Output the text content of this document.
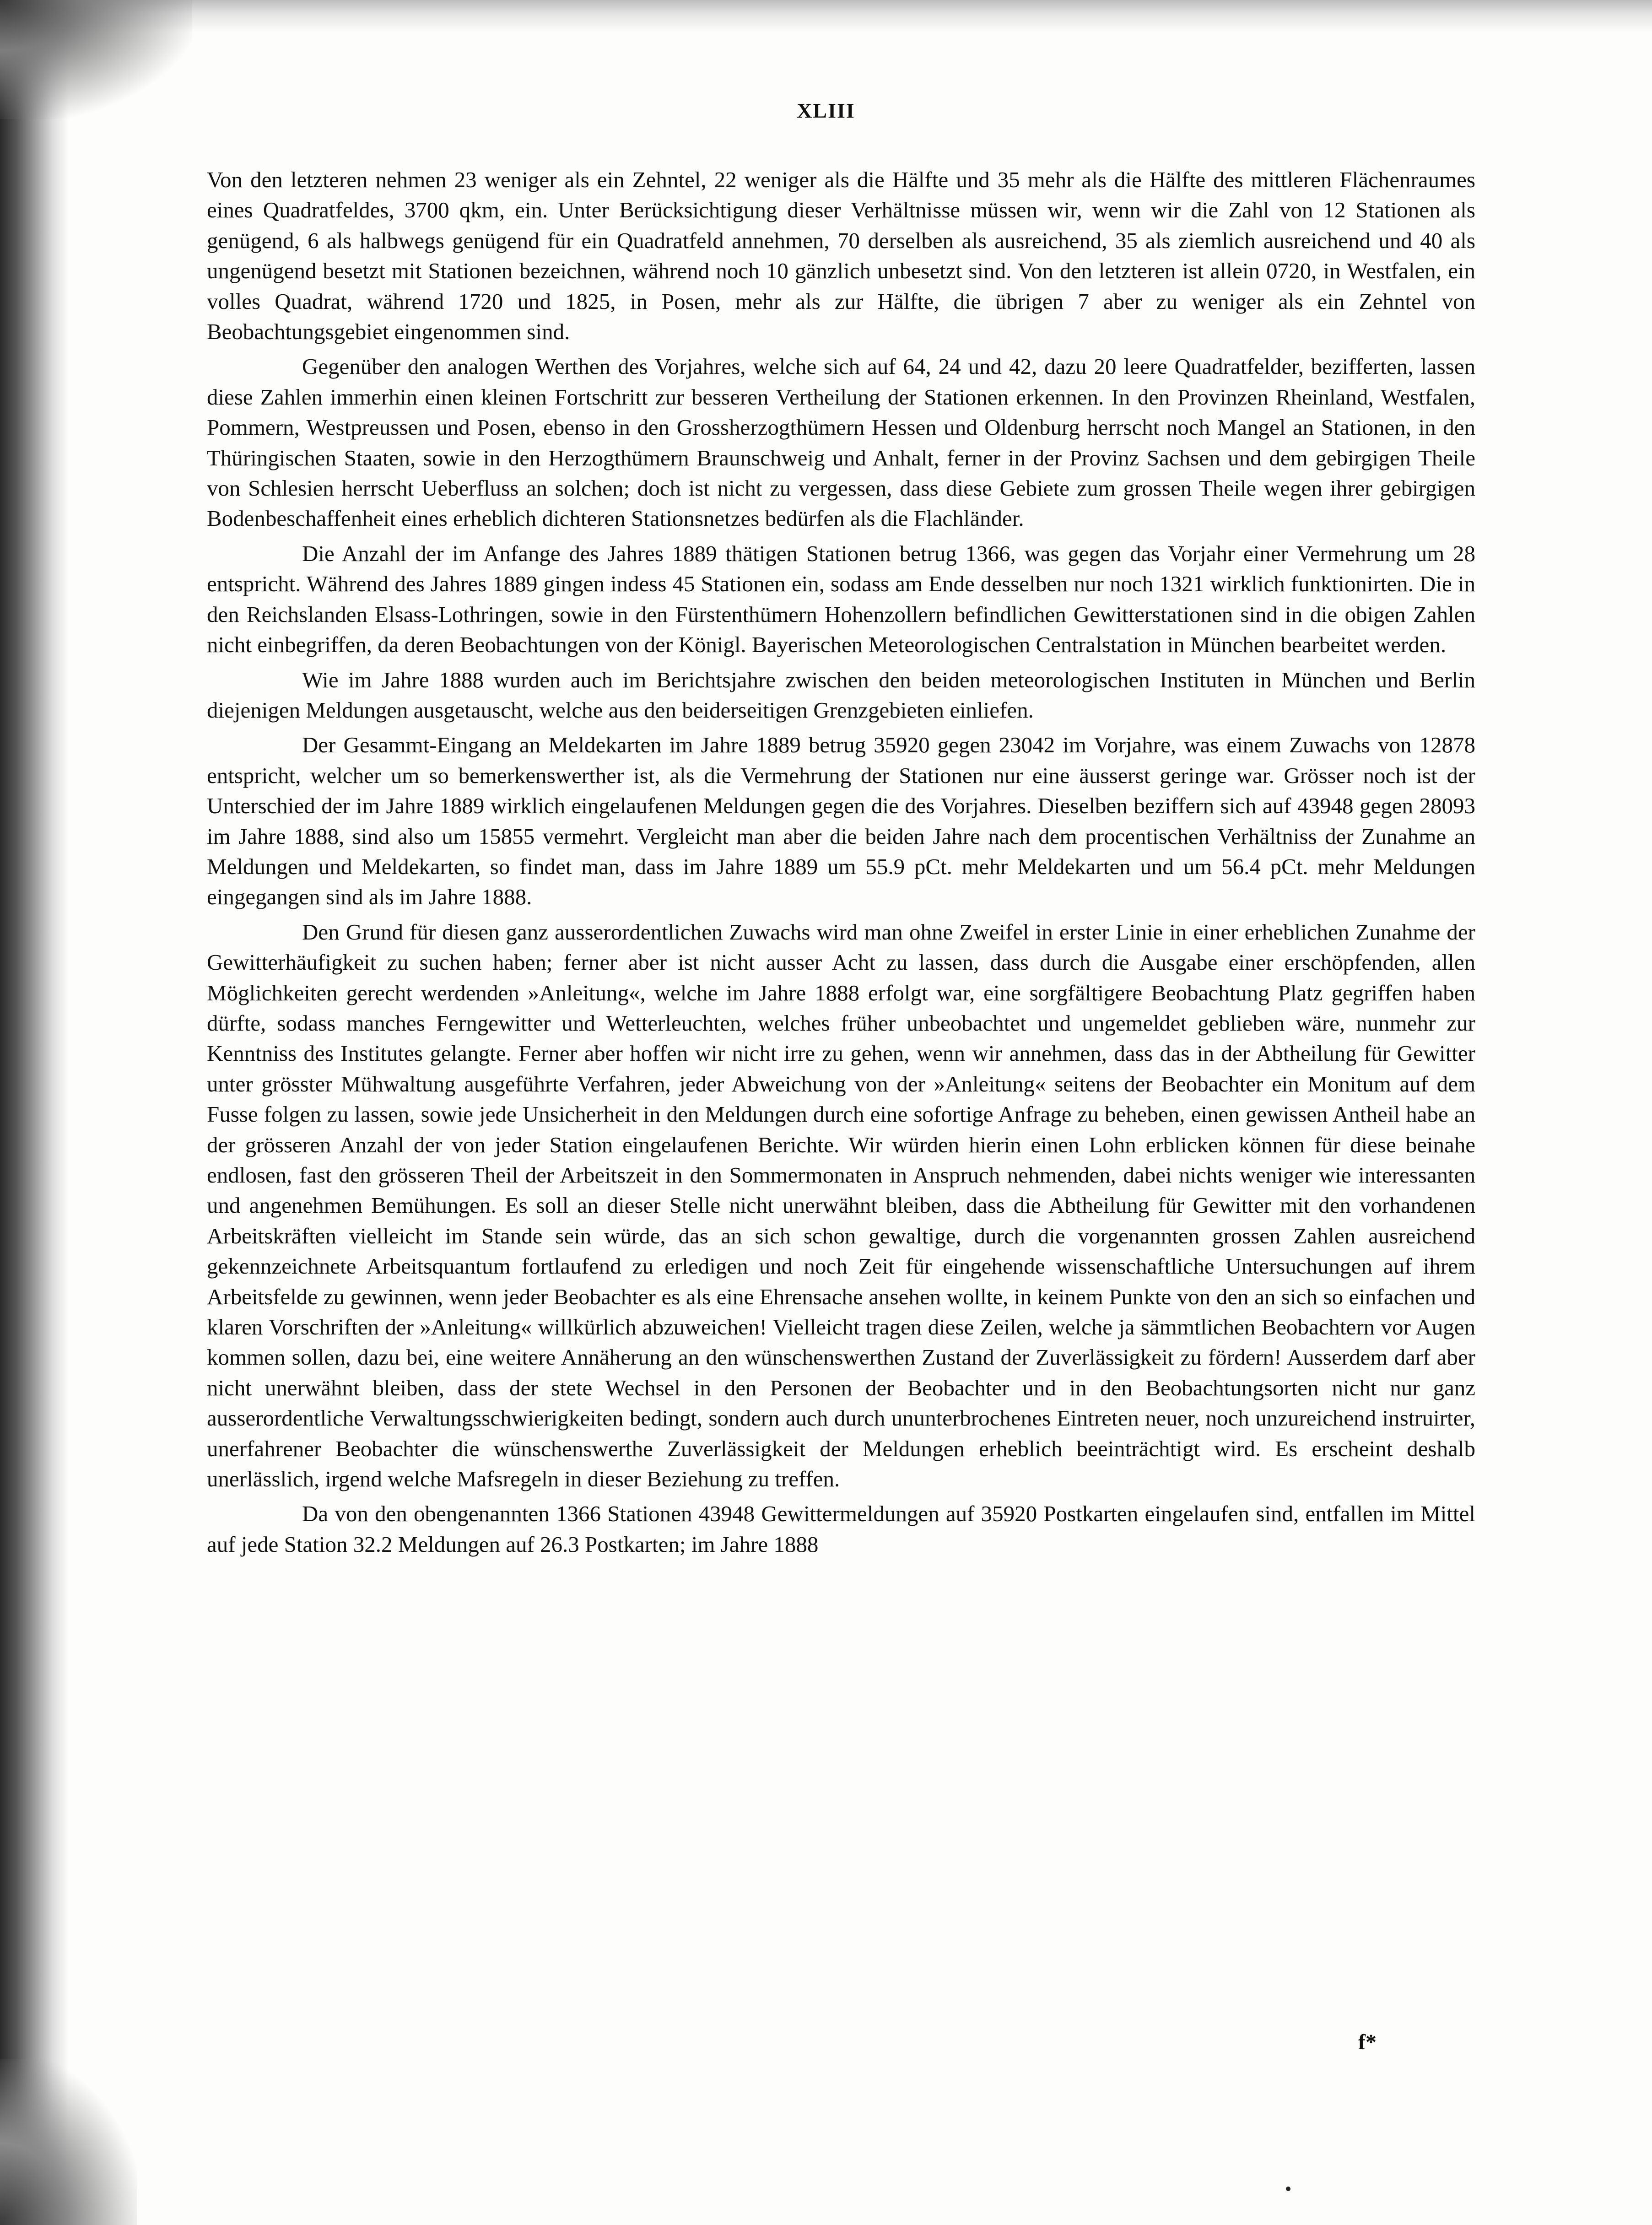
XLIII

Von den letzteren nehmen 23 weniger als ein Zehntel, 22 weniger als die Hälfte und 35 mehr als die Hälfte des mittleren Flächenraumes eines Quadratfeldes, 3700 qkm, ein. Unter Berücksichtigung dieser Verhältnisse müssen wir, wenn wir die Zahl von 12 Stationen als genügend, 6 als halbwegs genügend für ein Quadratfeld annehmen, 70 derselben als ausreichend, 35 als ziemlich ausreichend und 40 als ungenügend besetzt mit Stationen bezeichnen, während noch 10 gänzlich unbesetzt sind. Von den letzteren ist allein 0720, in Westfalen, ein volles Quadrat, während 1720 und 1825, in Posen, mehr als zur Hälfte, die übrigen 7 aber zu weniger als ein Zehntel von Beobachtungsgebiet eingenommen sind.

Gegenüber den analogen Werthen des Vorjahres, welche sich auf 64, 24 und 42, dazu 20 leere Quadratfelder, bezifferten, lassen diese Zahlen immerhin einen kleinen Fortschritt zur besseren Vertheilung der Stationen erkennen. In den Provinzen Rheinland, Westfalen, Pommern, Westpreussen und Posen, ebenso in den Grossherzogthümern Hessen und Oldenburg herrscht noch Mangel an Stationen, in den Thüringischen Staaten, sowie in den Herzogthümern Braunschweig und Anhalt, ferner in der Provinz Sachsen und dem gebirgigen Theile von Schlesien herrscht Ueberfluss an solchen; doch ist nicht zu vergessen, dass diese Gebiete zum grossen Theile wegen ihrer gebirgigen Bodenbeschaffenheit eines erheblich dichteren Stationsnetzes bedürfen als die Flachländer.

Die Anzahl der im Anfange des Jahres 1889 thätigen Stationen betrug 1366, was gegen das Vorjahr einer Vermehrung um 28 entspricht. Während des Jahres 1889 gingen indess 45 Stationen ein, sodass am Ende desselben nur noch 1321 wirklich funktionirten. Die in den Reichslanden Elsass-Lothringen, sowie in den Fürstenthümern Hohenzollern befindlichen Gewitterstationen sind in die obigen Zahlen nicht einbegriffen, da deren Beobachtungen von der Königl. Bayerischen Meteorologischen Centralstation in München bearbeitet werden.

Wie im Jahre 1888 wurden auch im Berichtsjahre zwischen den beiden meteorologischen Instituten in München und Berlin diejenigen Meldungen ausgetauscht, welche aus den beiderseitigen Grenzgebieten einliefen.

Der Gesammt-Eingang an Meldekarten im Jahre 1889 betrug 35920 gegen 23042 im Vorjahre, was einem Zuwachs von 12878 entspricht, welcher um so bemerkenswerther ist, als die Vermehrung der Stationen nur eine äusserst geringe war. Grösser noch ist der Unterschied der im Jahre 1889 wirklich eingelaufenen Meldungen gegen die des Vorjahres. Dieselben beziffern sich auf 43948 gegen 28093 im Jahre 1888, sind also um 15855 vermehrt. Vergleicht man aber die beiden Jahre nach dem procentischen Verhältniss der Zunahme an Meldungen und Meldekarten, so findet man, dass im Jahre 1889 um 55.9 pCt. mehr Meldekarten und um 56.4 pCt. mehr Meldungen eingegangen sind als im Jahre 1888.

Den Grund für diesen ganz ausserordentlichen Zuwachs wird man ohne Zweifel in erster Linie in einer erheblichen Zunahme der Gewitterhäufigkeit zu suchen haben; ferner aber ist nicht ausser Acht zu lassen, dass durch die Ausgabe einer erschöpfenden, allen Möglichkeiten gerecht werdenden »Anleitung«, welche im Jahre 1888 erfolgt war, eine sorgfältigere Beobachtung Platz gegriffen haben dürfte, sodass manches Ferngewitter und Wetterleuchten, welches früher unbeobachtet und ungemeldet geblieben wäre, nunmehr zur Kenntniss des Institutes gelangte. Ferner aber hoffen wir nicht irre zu gehen, wenn wir annehmen, dass das in der Abtheilung für Gewitter unter grösster Mühwaltung ausgeführte Verfahren, jeder Abweichung von der »Anleitung« seitens der Beobachter ein Monitum auf dem Fusse folgen zu lassen, sowie jede Unsicherheit in den Meldungen durch eine sofortige Anfrage zu beheben, einen gewissen Antheil habe an der grösseren Anzahl der von jeder Station eingelaufenen Berichte. Wir würden hierin einen Lohn erblicken können für diese beinahe endlosen, fast den grösseren Theil der Arbeitszeit in den Sommermonaten in Anspruch nehmenden, dabei nichts weniger wie interessanten und angenehmen Bemühungen. Es soll an dieser Stelle nicht unerwähnt bleiben, dass die Abtheilung für Gewitter mit den vorhandenen Arbeitskräften vielleicht im Stande sein würde, das an sich schon gewaltige, durch die vorgenannten grossen Zahlen ausreichend gekennzeichnete Arbeitsquantum fortlaufend zu erledigen und noch Zeit für eingehende wissenschaftliche Untersuchungen auf ihrem Arbeitsfelde zu gewinnen, wenn jeder Beobachter es als eine Ehrensache ansehen wollte, in keinem Punkte von den an sich so einfachen und klaren Vorschriften der »Anleitung« willkürlich abzuweichen! Vielleicht tragen diese Zeilen, welche ja sämmtlichen Beobachtern vor Augen kommen sollen, dazu bei, eine weitere Annäherung an den wünschenswerthen Zustand der Zuverlässigkeit zu fördern! Ausserdem darf aber nicht unerwähnt bleiben, dass der stete Wechsel in den Personen der Beobachter und in den Beobachtungsorten nicht nur ganz ausserordentliche Verwaltungsschwierigkeiten bedingt, sondern auch durch ununterbrochenes Eintreten neuer, noch unzureichend instruirter, unerfahrener Beobachter die wünschenswerthe Zuverlässigkeit der Meldungen erheblich beeinträchtigt wird. Es erscheint deshalb unerlässlich, irgend welche Mafsregeln in dieser Beziehung zu treffen.

Da von den obengenannten 1366 Stationen 43948 Gewittermeldungen auf 35920 Postkarten eingelaufen sind, entfallen im Mittel auf jede Station 32.2 Meldungen auf 26.3 Postkarten; im Jahre 1888

f*
